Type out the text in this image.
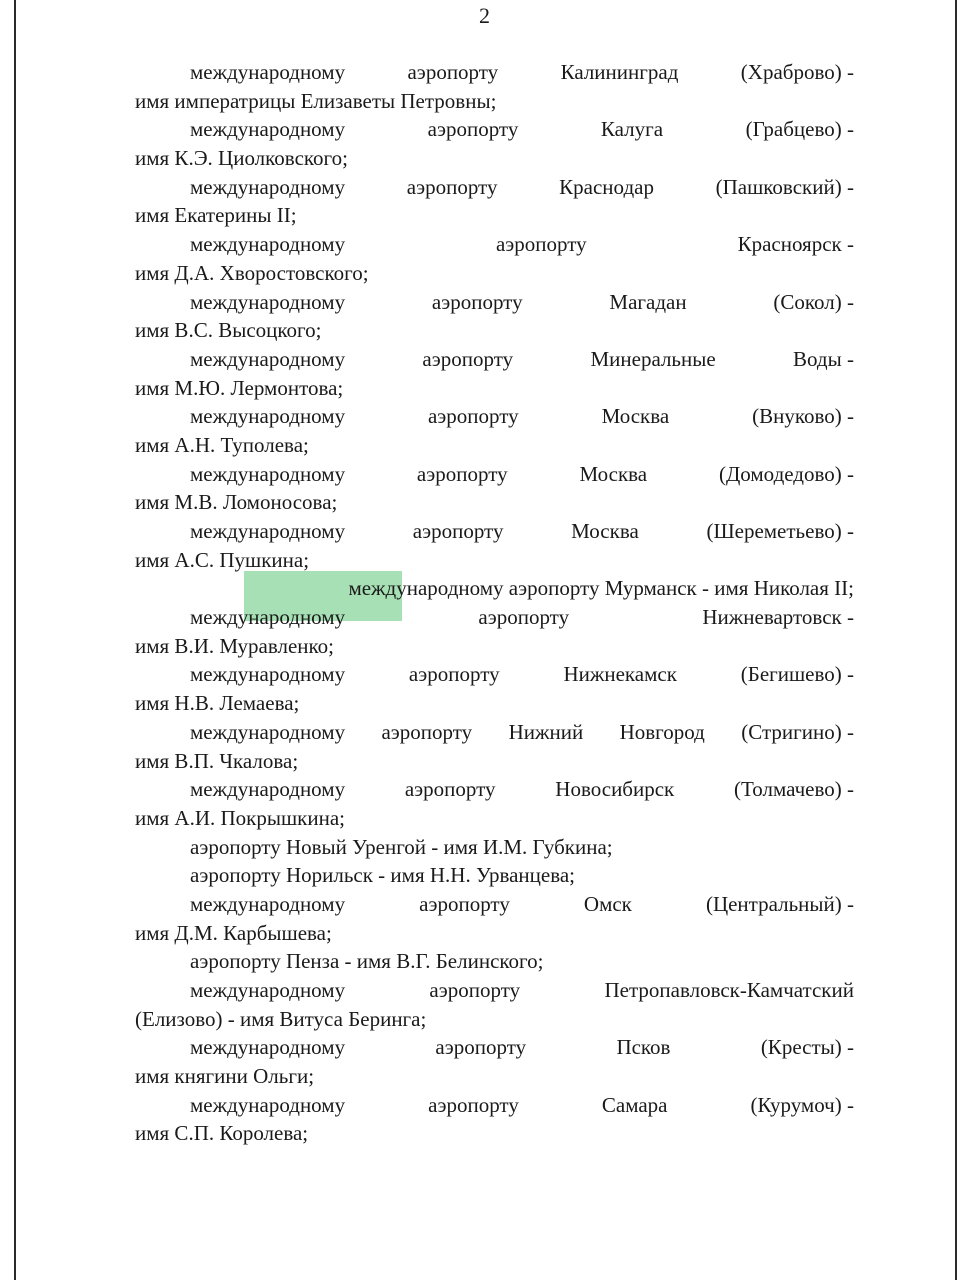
2
международному	аэропорту	Калининград	(Храброво) -
имя императрицы Елизаветы Петровны;
международному	аэропорту	Калуга	(Грабцево) -
имя К.Э. Циолковского;
международному	аэропорту	Краснодар	(Пашковский) -
имя Екатерины II;
международному	аэропорту	Красноярск -
имя Д.А. Хворостовского;
международному	аэропорту	Магадан	(Сокол) -
имя В.С. Высоцкого;
международному	аэропорту	Минеральные	Воды -
имя М.Ю. Лермонтова;
международному	аэропорту	Москва	(Внуково) -
имя А.Н. Туполева;
международному	аэропорту	Москва	(Домодедово) -
имя М.В. Ломоносова;
международному	аэропорту	Москва	(Шереметьево) -
имя А.С. Пушкина;
международному аэропорту Мурманск - имя Николая II;
международному	аэропорту	Нижневартовск -
имя В.И. Муравленко;
международному	аэропорту	Нижнекамск	(Бегишево) -
имя Н.В. Лемаева;
международному аэропорту Нижний Новгород (Стригино) -
имя В.П. Чкалова;
международному	аэропорту	Новосибирск	(Толмачево) -
имя А.И. Покрышкина;
аэропорту Новый Уренгой - имя И.М. Губкина;
аэропорту Норильск - имя Н.Н. Урванцева;
международному	аэропорту	Омск	(Центральный) -
имя Д.М. Карбышева;
аэропорту Пенза - имя В.Г. Белинского;
международному	аэропорту	Петропавловск-Камчатский
(Елизово) - имя Витуса Беринга;
международному	аэропорту	Псков	(Кресты) -
имя княгини Ольги;
международному	аэропорту	Самара	(Курумоч) -
имя С.П. Королева;
